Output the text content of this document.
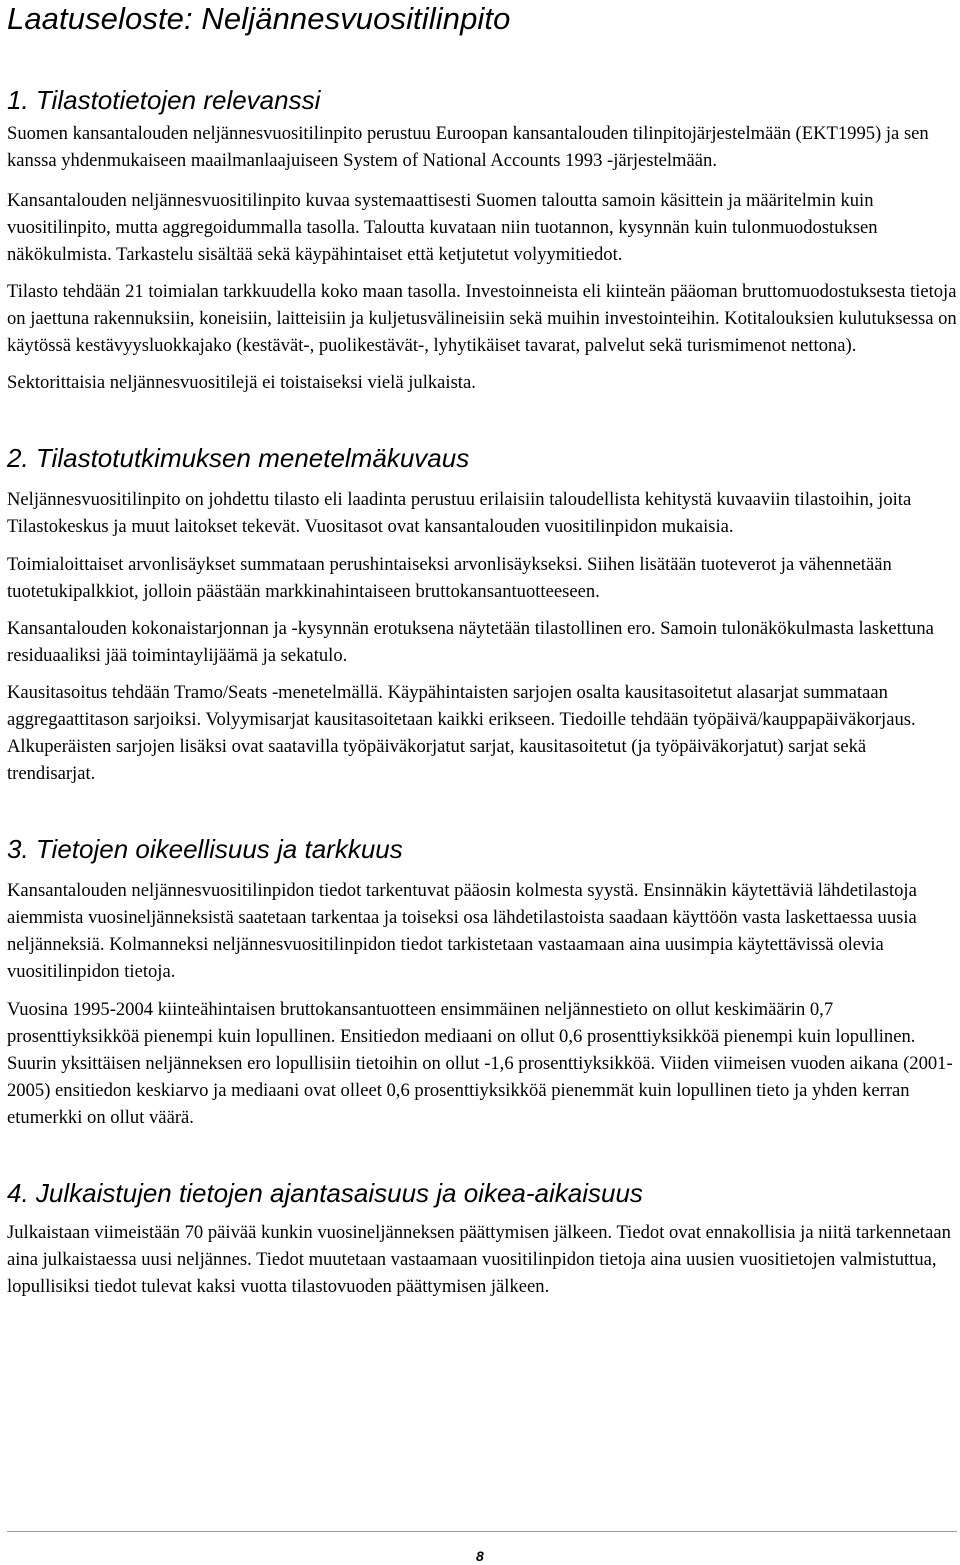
Laatuseloste: Neljännesvuositilinpito
1. Tilastotietojen relevanssi

Suomen kansantalouden neljännesvuositilinpito perustuu Euroopan kansantalouden tilinpitojärjestelmään (EKT1995) ja sen kanssa yhdenmukaiseen maailmanlaajuiseen System of National Accounts 1993 -järjestelmään.

Kansantalouden neljännesvuositilinpito kuvaa systemaattisesti Suomen taloutta samoin käsittein ja määritelmin kuin vuositilinpito, mutta aggregoidummalla tasolla. Taloutta kuvataan niin tuotannon, kysynnän kuin tulonmuodostuksen näkökulmista. Tarkastelu sisältää sekä käypähintaiset että ketjutetut volyymitiedot.

Tilasto tehdään 21 toimialan tarkkuudella koko maan tasolla. Investoinneista eli kiinteän pääoman bruttomuodostuksesta tietoja on jaettuna rakennuksiin, koneisiin, laitteisiin ja kuljetusvälineisiin sekä muihin investointeihin. Kotitalouksien kulutuksessa on käytössä kestävyysluokkajako (kestävät-, puolikestävät-, lyhytikäiset tavarat, palvelut sekä turismimenot nettona).

Sektorittaisia neljännesvuositilejä ei toistaiseksi vielä julkaista.

2. Tilastotutkimuksen menetelmäkuvaus

Neljännesvuositilinpito on johdettu tilasto eli laadinta perustuu erilaisiin taloudellista kehitystä kuvaaviin tilastoihin, joita Tilastokeskus ja muut laitokset tekevät. Vuositasot ovat kansantalouden vuositilinpidon mukaisia.

Toimialoittaiset arvonlisäykset summataan perushintaiseksi arvonlisäykseksi. Siihen lisätään tuoteverot ja vähennetään tuotetukipalkkiot, jolloin päästään markkinahintaiseen bruttokansantuotteeseen.

Kansantalouden kokonaistarjonnan ja -kysynnän erotuksena näytetään tilastollinen ero. Samoin tulonäkökulmasta laskettuna residuaaliksi jää toimintaylijäämä ja sekatulo.

Kausitasoitus tehdään Tramo/Seats -menetelmällä. Käypähintaisten sarjojen osalta kausitasoitetut alasarjat summataan aggregaattitason sarjoiksi. Volyymisarjat kausitasoitetaan kaikki erikseen. Tiedoille tehdään työpäivä/kauppapäiväkorjaus. Alkuperäisten sarjojen lisäksi ovat saatavilla työpäiväkorjatut sarjat, kausitasoitetut (ja työpäiväkorjatut) sarjat sekä trendisarjat.

3. Tietojen oikeellisuus ja tarkkuus

Kansantalouden neljännesvuositilinpidon tiedot tarkentuvat pääosin kolmesta syystä. Ensinnäkin käytettäviä lähdetilastoja aiemmista vuosineljänneksistä saatetaan tarkentaa ja toiseksi osa lähdetilastoista saadaan käyttöön vasta laskettaessa uusia neljänneksiä. Kolmanneksi neljännesvuositilinpidon tiedot tarkistetaan vastaamaan aina uusimpia käytettävissä olevia vuositilinpidon tietoja.

Vuosina 1995-2004 kiinteähintaisen bruttokansantuotteen ensimmäinen neljännestieto on ollut keskimäärin 0,7 prosenttiyksikköä pienempi kuin lopullinen. Ensitiedon mediaani on ollut 0,6 prosenttiyksikköä pienempi kuin lopullinen. Suurin yksittäisen neljänneksen ero lopullisiin tietoihin on ollut -1,6 prosenttiyksikköä. Viiden viimeisen vuoden aikana (2001-2005) ensitiedon keskiarvo ja mediaani ovat olleet 0,6 prosenttiyksikköä pienemmät kuin lopullinen tieto ja yhden kerran etumerkki on ollut väärä.

4. Julkaistujen tietojen ajantasaisuus ja oikea-aikaisuus

Julkaistaan viimeistään 70 päivää kunkin vuosineljänneksen päättymisen jälkeen. Tiedot ovat ennakollisia ja niitä tarkennetaan aina julkaistaessa uusi neljännes. Tiedot muutetaan vastaamaan vuositilinpidon tietoja aina uusien vuositietojen valmistuttua, lopullisiksi tiedot tulevat kaksi vuotta tilastovuoden päättymisen jälkeen.

8
